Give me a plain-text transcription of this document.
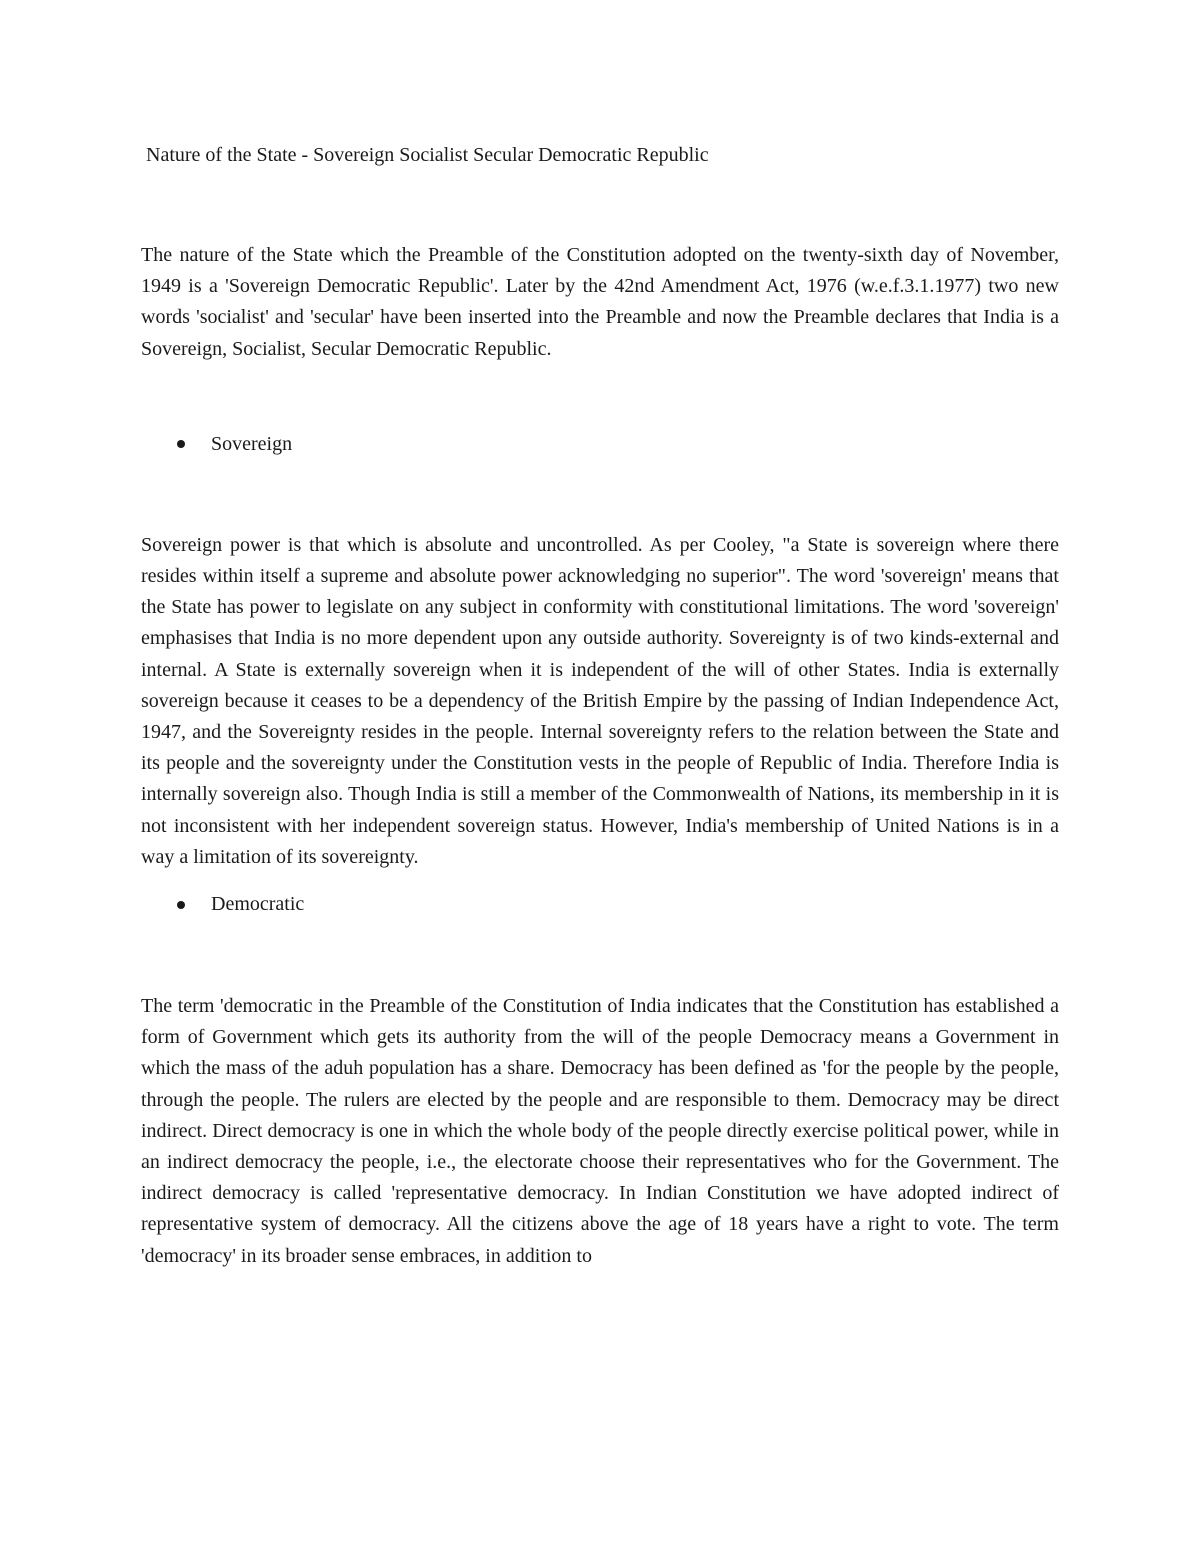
Nature of the State - Sovereign Socialist Secular Democratic Republic

The nature of the State which the Preamble of the Constitution adopted on the twenty-sixth day of November, 1949 is a 'Sovereign Democratic Republic'. Later by the 42nd Amendment Act, 1976 (w.e.f.3.1.1977) two new words 'socialist' and 'secular' have been inserted into the Preamble and now the Preamble declares that India is a Sovereign, Socialist, Secular Democratic Republic.

Sovereign

Sovereign power is that which is absolute and uncontrolled. As per Cooley, "a State is sovereign where there resides within itself a supreme and absolute power acknowledging no superior". The word 'sovereign' means that the State has power to legislate on any subject in conformity with constitutional limitations. The word 'sovereign' emphasises that India is no more dependent upon any outside authority. Sovereignty is of two kinds-external and internal. A State is externally sovereign when it is independent of the will of other States. India is externally sovereign because it ceases to be a dependency of the British Empire by the passing of Indian Independence Act, 1947, and the Sovereignty resides in the people. Internal sovereignty refers to the relation between the State and its people and the sovereignty under the Constitution vests in the people of Republic of India. Therefore India is internally sovereign also. Though India is still a member of the Commonwealth of Nations, its membership in it is not inconsistent with her independent sovereign status. However, India's membership of United Nations is in a way a limitation of its sovereignty.

Democratic

The term 'democratic in the Preamble of the Constitution of India indicates that the Constitution has established a form of Government which gets its authority from the will of the people Democracy means a Government in which the mass of the aduh population has a share. Democracy has been defined as 'for the people by the people, through the people. The rulers are elected by the people and are responsible to them. Democracy may be direct indirect. Direct democracy is one in which the whole body of the people directly exercise political power, while in an indirect democracy the people, i.e., the electorate choose their representatives who for the Government. The indirect democracy is called 'representative democracy. In Indian Constitution we have adopted indirect of representative system of democracy. All the citizens above the age of 18 years have a right to vote. The term 'democracy' in its broader sense embraces, in addition to
